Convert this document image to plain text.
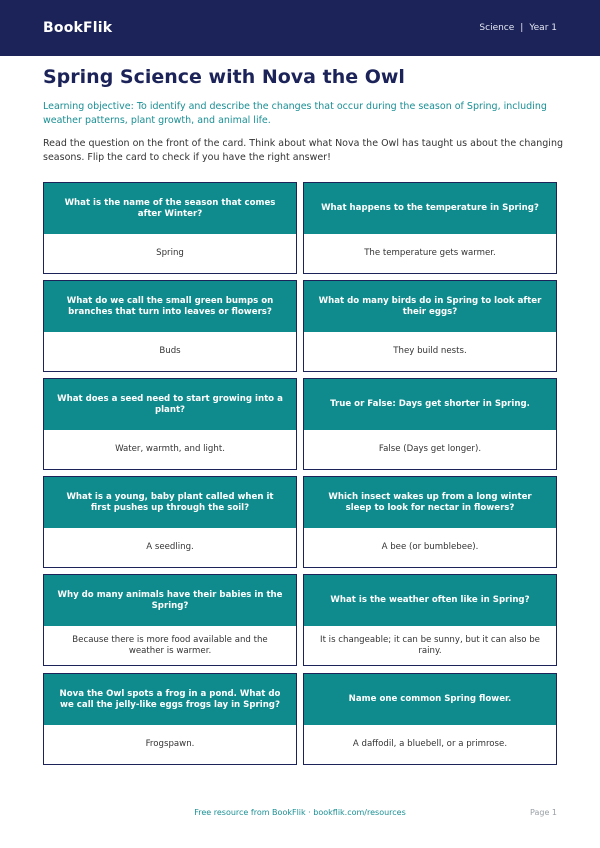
BookFlik	Science | Year 1
Spring Science with Nova the Owl

Learning objective: To identify and describe the changes that occur during the season of Spring, including weather patterns, plant growth, and animal life.

Read the question on the front of the card. Think about what Nova the Owl has taught us about the changing seasons. Flip the card to check if you have the right answer!

What is the name of the season that comes after Winter?
Spring
What happens to the temperature in Spring?
The temperature gets warmer.
What do we call the small green bumps on branches that turn into leaves or flowers?
Buds
What do many birds do in Spring to look after their eggs?
They build nests.
What does a seed need to start growing into a plant?
Water, warmth, and light.
True or False: Days get shorter in Spring.
False (Days get longer).
What is a young, baby plant called when it first pushes up through the soil?
A seedling.
Which insect wakes up from a long winter sleep to look for nectar in flowers?
A bee (or bumblebee).
Why do many animals have their babies in the Spring?
Because there is more food available and the weather is warmer.
What is the weather often like in Spring?
It is changeable; it can be sunny, but it can also be rainy.
Nova the Owl spots a frog in a pond. What do we call the jelly-like eggs frogs lay in Spring?
Frogspawn.
Name one common Spring flower.
A daffodil, a bluebell, or a primrose.
Free resource from BookFlik · bookflik.com/resources	Page 1
